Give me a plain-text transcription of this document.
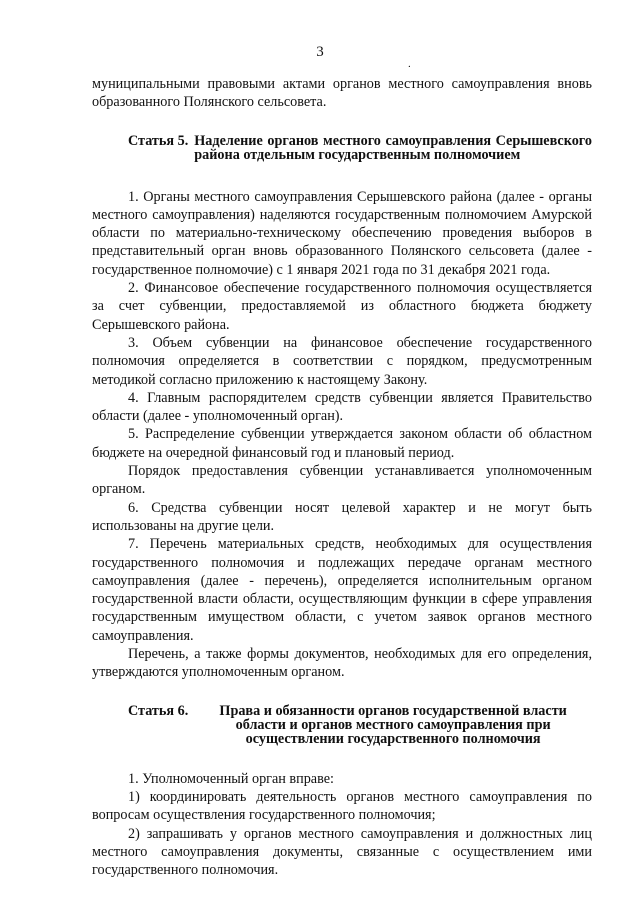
3
.

муниципальными правовыми актами органов местного самоуправления вновь образованного Полянского сельсовета.

Статья 5. Наделение органов местного самоуправления Серышевского района отдельным государственным полномочием

1. Органы местного самоуправления Серышевского района (далее - органы местного самоуправления) наделяются государственным полномочием Амурской области по материально-техническому обеспечению проведения выборов в представительный орган вновь образованного Полянского сельсовета (далее - государственное полномочие) с 1 января 2021 года по 31 декабря 2021 года.

2. Финансовое обеспечение государственного полномочия осуществляется за счет субвенции, предоставляемой из областного бюджета бюджету Серышевского района.

3. Объем субвенции на финансовое обеспечение государственного полномочия определяется в соответствии с порядком, предусмотренным методикой согласно приложению к настоящему Закону.

4. Главным распорядителем средств субвенции является Правительство области (далее - уполномоченный орган).

5. Распределение субвенции утверждается законом области об областном бюджете на очередной финансовый год и плановый период.

Порядок предоставления субвенции устанавливается уполномоченным органом.

6. Средства субвенции носят целевой характер и не могут быть использованы на другие цели.

7. Перечень материальных средств, необходимых для осуществления государственного полномочия и подлежащих передаче органам местного самоуправления (далее - перечень), определяется исполнительным органом государственной власти области, осуществляющим функции в сфере управления государственным имуществом области, с учетом заявок органов местного самоуправления.

Перечень, а также формы документов, необходимых для его определения, утверждаются уполномоченным органом.

Статья 6.	Права и обязанности органов государственной власти
области и органов местного самоуправления при
осуществлении государственного полномочия

1. Уполномоченный орган вправе:

1) координировать деятельность органов местного самоуправления по вопросам осуществления государственного полномочия;

2) запрашивать у органов местного самоуправления и должностных лиц местного самоуправления документы, связанные с осуществлением ими государственного полномочия.
